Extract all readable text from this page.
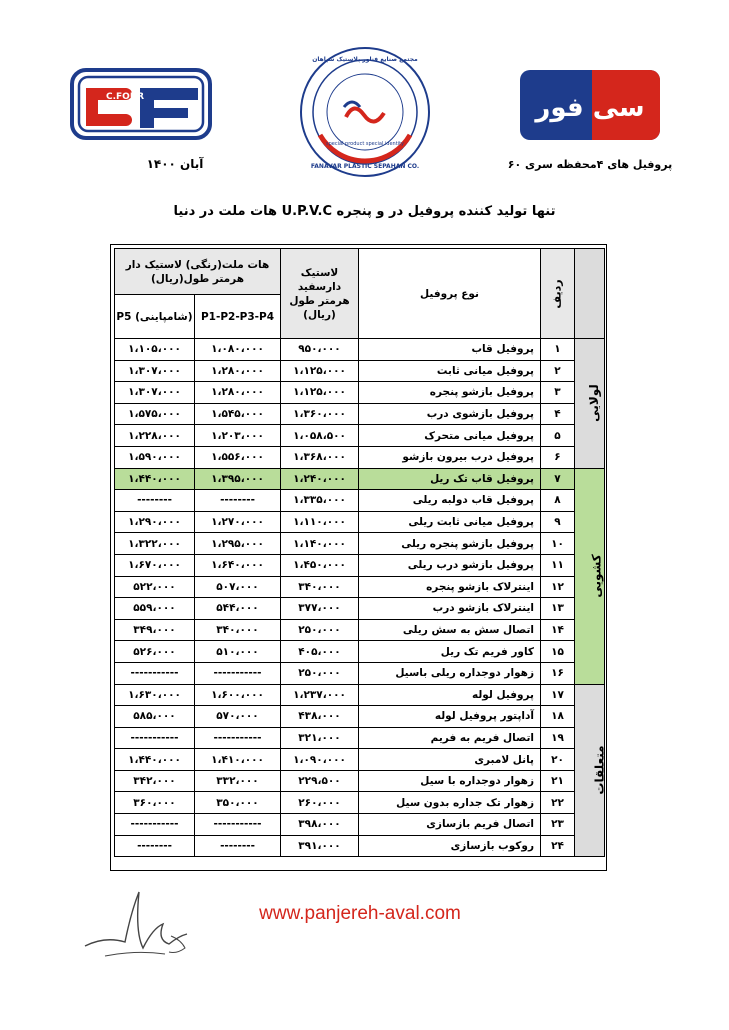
C.FOUR
مجتمع صنایع فناور پلاستیک سپاهان
special product special identity
FANAVAR PLASTIC SEPAHAN CO.
سی فور
آبان ۱۴۰۰	پروفیل های ۴محفظه سری ۶۰
تنها تولید کننده پروفیل در و پنجره U.P.V.C هات ملت در دنیا
هات ملت(رنگی) لاستیک دار هرمتر طول(ریال)		لاستیک دارسفید هرمتر طول (ریال)	نوع پروفیل	ردیف	
P5 (شامپاینی)	P1-P2-P3-P4				
۱،۱۰۵،۰۰۰	۱،۰۸۰،۰۰۰	۹۵۰،۰۰۰	پروفیل قاب	۱	لولایی
۱،۳۰۷،۰۰۰	۱،۲۸۰،۰۰۰	۱،۱۲۵،۰۰۰	پروفیل میانی ثابت	۲	
۱،۳۰۷،۰۰۰	۱،۲۸۰،۰۰۰	۱،۱۲۵،۰۰۰	پروفیل بازشو پنجره	۳	
۱،۵۷۵،۰۰۰	۱،۵۴۵،۰۰۰	۱،۳۶۰،۰۰۰	پروفیل بازشوی درب	۴	
۱،۲۲۸،۰۰۰	۱،۲۰۳،۰۰۰	۱،۰۵۸،۵۰۰	پروفیل میانی متحرک	۵	
۱،۵۹۰،۰۰۰	۱،۵۵۶،۰۰۰	۱،۳۶۸،۰۰۰	پروفیل درب بیرون بازشو	۶	
۱،۴۴۰،۰۰۰	۱،۳۹۵،۰۰۰	۱،۲۴۰،۰۰۰	پروفیل قاب تک ریل	۷	کشویی
--------	--------	۱،۳۳۵،۰۰۰	پروفیل قاب دولبه ریلی	۸	
۱،۲۹۰،۰۰۰	۱،۲۷۰،۰۰۰	۱،۱۱۰،۰۰۰	پروفیل میانی ثابت ریلی	۹	
۱،۳۲۲،۰۰۰	۱،۲۹۵،۰۰۰	۱،۱۴۰،۰۰۰	پروفیل بازشو پنجره ریلی	۱۰	
۱،۶۷۰،۰۰۰	۱،۶۴۰،۰۰۰	۱،۴۵۰،۰۰۰	پروفیل بازشو درب ریلی	۱۱	
۵۲۲،۰۰۰	۵۰۷،۰۰۰	۳۴۰،۰۰۰	اینترلاک بازشو پنجره	۱۲	
۵۵۹،۰۰۰	۵۴۴،۰۰۰	۳۷۷،۰۰۰	اینترلاک بازشو درب	۱۳	
۳۴۹،۰۰۰	۳۴۰،۰۰۰	۲۵۰،۰۰۰	اتصال سش به سش ریلی	۱۴	
۵۲۶،۰۰۰	۵۱۰،۰۰۰	۴۰۵،۰۰۰	کاور فریم تک ریل	۱۵	
-----------	-----------	۲۵۰،۰۰۰	زهوار دوجداره ریلی باسیل	۱۶	
۱،۶۳۰،۰۰۰	۱،۶۰۰،۰۰۰	۱،۲۳۷،۰۰۰	پروفیل لوله	۱۷	متعلقات
۵۸۵،۰۰۰	۵۷۰،۰۰۰	۴۳۸،۰۰۰	آداپتور پروفیل لوله	۱۸	
-----------	-----------	۳۲۱،۰۰۰	اتصال فریم به فریم	۱۹	
۱،۴۴۰،۰۰۰	۱،۴۱۰،۰۰۰	۱،۰۹۰،۰۰۰	پانل لامبری	۲۰	
۳۴۲،۰۰۰	۳۳۲،۰۰۰	۲۲۹،۵۰۰	زهوار دوجداره با سیل	۲۱	
۳۶۰،۰۰۰	۳۵۰،۰۰۰	۲۶۰،۰۰۰	زهوار تک جداره بدون سیل	۲۲	
-----------	-----------	۳۹۸،۰۰۰	اتصال فریم بازسازی	۲۳	
--------	--------	۳۹۱،۰۰۰	روکوب بازسازی	۲۴	
www.panjereh-aval.com
